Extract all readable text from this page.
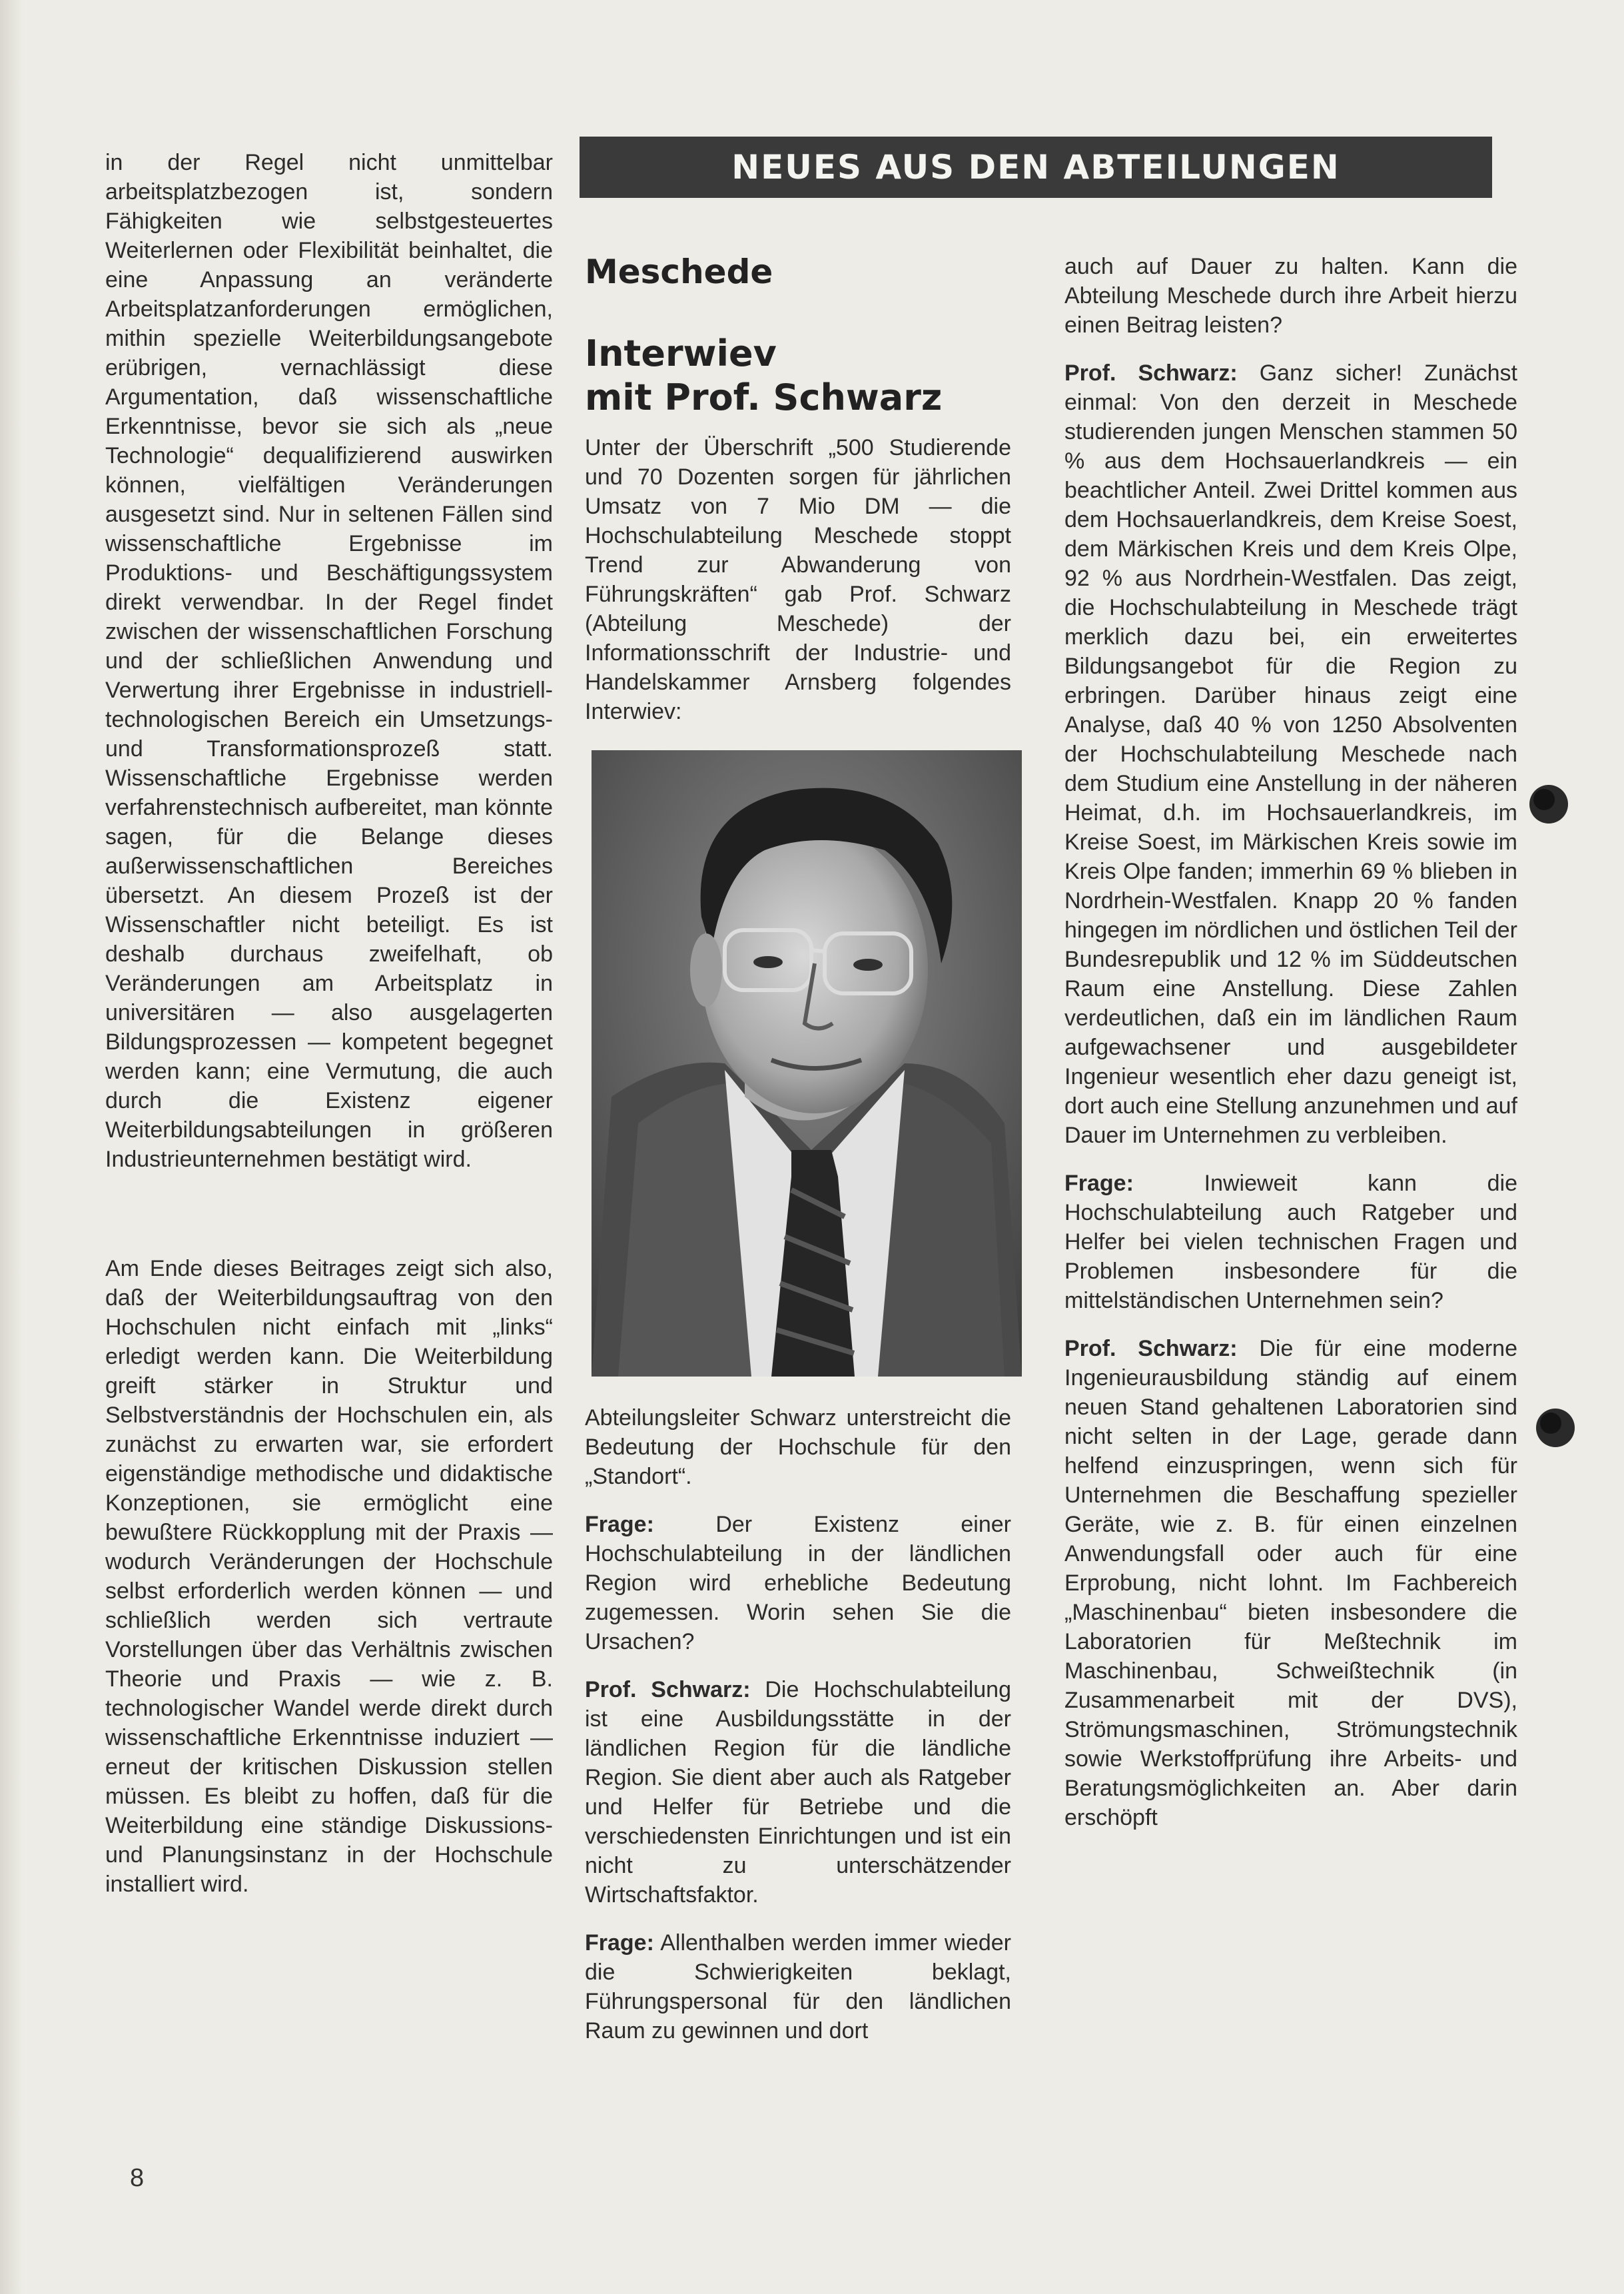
in der Regel nicht unmittelbar arbeitsplatzbezogen ist, sondern Fähigkeiten wie selbstgesteuertes Weiterlernen oder Flexibilität beinhaltet, die eine Anpassung an veränderte Arbeitsplatzanforderungen ermöglichen, mithin spezielle Weiterbildungsangebote erübrigen, vernachlässigt diese Argumentation, daß wissenschaftliche Erkenntnisse, bevor sie sich als „neue Technologie“ dequalifizierend auswirken können, vielfältigen Veränderungen ausgesetzt sind. Nur in seltenen Fällen sind wissenschaftliche Ergebnisse im Produktions- und Beschäftigungssystem direkt verwendbar. In der Regel findet zwischen der wissenschaftlichen Forschung und der schließlichen Anwendung und Verwertung ihrer Ergebnisse in industriell-technologischen Bereich ein Umsetzungs- und Transformationsprozeß statt. Wissenschaftliche Ergebnisse werden verfahrenstechnisch aufbereitet, man könnte sagen, für die Belange dieses außerwissenschaftlichen Bereiches übersetzt. An diesem Prozeß ist der Wissenschaftler nicht beteiligt. Es ist deshalb durchaus zweifelhaft, ob Veränderungen am Arbeitsplatz in universitären — also ausgelagerten Bildungsprozessen — kompetent begegnet werden kann; eine Vermutung, die auch durch die Existenz eigener Weiterbildungsabteilungen in größeren Industrieunternehmen bestätigt wird.

Am Ende dieses Beitrages zeigt sich also, daß der Weiterbildungsauftrag von den Hochschulen nicht einfach mit „links“ erledigt werden kann. Die Weiterbildung greift stärker in Struktur und Selbstverständnis der Hochschulen ein, als zunächst zu erwarten war, sie erfordert eigenständige methodische und didaktische Konzeptionen, sie ermöglicht eine bewußtere Rückkopplung mit der Praxis — wodurch Veränderungen der Hochschule selbst erforderlich werden können — und schließlich werden sich vertraute Vorstellungen über das Verhältnis zwischen Theorie und Praxis — wie z. B. technologischer Wandel werde direkt durch wissenschaftliche Erkenntnisse induziert — erneut der kritischen Diskussion stellen müssen. Es bleibt zu hoffen, daß für die Weiterbildung eine ständige Diskussions- und Planungsinstanz in der Hochschule installiert wird.

NEUES AUS DEN ABTEILUNGEN
Meschede
Interwiev
mit Prof. Schwarz

Unter der Überschrift „500 Studierende und 70 Dozenten sorgen für jährlichen Umsatz von 7 Mio DM — die Hochschulabteilung Meschede stoppt Trend zur Abwanderung von Führungskräften“ gab Prof. Schwarz (Abteilung Meschede) der Informationsschrift der Industrie- und Handelskammer Arnsberg folgendes Interwiev:

Abteilungsleiter Schwarz unterstreicht die Bedeutung der Hochschule für den „Standort“.

Frage: Der Existenz einer Hochschulabteilung in der ländlichen Region wird erhebliche Bedeutung zugemessen. Worin sehen Sie die Ursachen?

Prof. Schwarz: Die Hochschulabteilung ist eine Ausbildungsstätte in der ländlichen Region für die ländliche Region. Sie dient aber auch als Ratgeber und Helfer für Betriebe und die verschiedensten Einrichtungen und ist ein nicht zu unterschätzender Wirtschaftsfaktor.

Frage: Allenthalben werden immer wieder die Schwierigkeiten beklagt, Führungspersonal für den ländlichen Raum zu gewinnen und dort

auch auf Dauer zu halten. Kann die Abteilung Meschede durch ihre Arbeit hierzu einen Beitrag leisten?

Prof. Schwarz: Ganz sicher! Zunächst einmal: Von den derzeit in Meschede studierenden jungen Menschen stammen 50 % aus dem Hochsauerlandkreis — ein beachtlicher Anteil. Zwei Drittel kommen aus dem Hochsauerlandkreis, dem Kreise Soest, dem Märkischen Kreis und dem Kreis Olpe, 92 % aus Nordrhein-Westfalen. Das zeigt, die Hochschulabteilung in Meschede trägt merklich dazu bei, ein erweitertes Bildungsangebot für die Region zu erbringen. Darüber hinaus zeigt eine Analyse, daß 40 % von 1250 Absolventen der Hochschulabteilung Meschede nach dem Studium eine Anstellung in der näheren Heimat, d.h. im Hochsauerlandkreis, im Kreise Soest, im Märkischen Kreis sowie im Kreis Olpe fanden; immerhin 69 % blieben in Nordrhein-Westfalen. Knapp 20 % fanden hingegen im nördlichen und östlichen Teil der Bundesrepublik und 12 % im Süddeutschen Raum eine Anstellung. Diese Zahlen verdeutlichen, daß ein im ländlichen Raum aufgewachsener und ausgebildeter Ingenieur wesentlich eher dazu geneigt ist, dort auch eine Stellung anzunehmen und auf Dauer im Unternehmen zu verbleiben.

Frage: Inwieweit kann die Hochschulabteilung auch Ratgeber und Helfer bei vielen technischen Fragen und Problemen insbesondere für die mittelständischen Unternehmen sein?

Prof. Schwarz: Die für eine moderne Ingenieurausbildung ständig auf einem neuen Stand gehaltenen Laboratorien sind nicht selten in der Lage, gerade dann helfend einzuspringen, wenn sich für Unternehmen die Beschaffung spezieller Geräte, wie z. B. für einen einzelnen Anwendungsfall oder auch für eine Erprobung, nicht lohnt. Im Fachbereich „Maschinenbau“ bieten insbesondere die Laboratorien für Meßtechnik im Maschinenbau, Schweißtechnik (in Zusammenarbeit mit der DVS), Strömungsmaschinen, Strömungstechnik sowie Werkstoffprüfung ihre Arbeits- und Beratungsmöglichkeiten an. Aber darin erschöpft

8
